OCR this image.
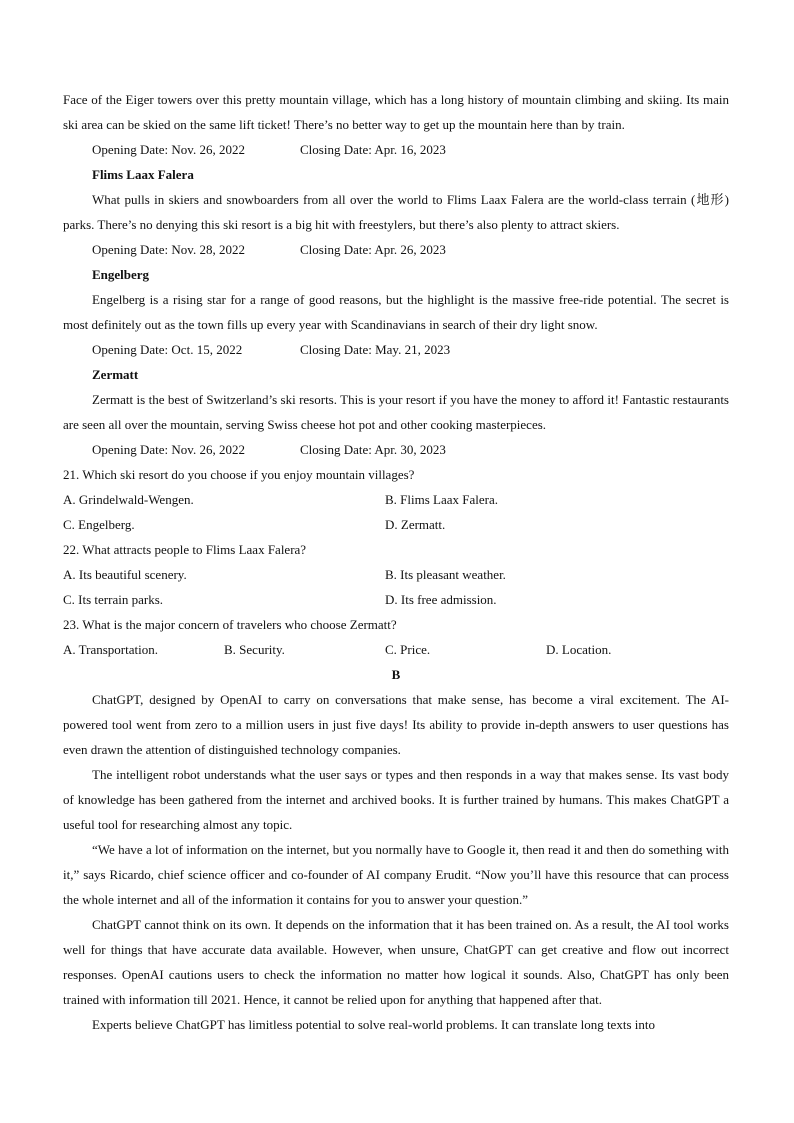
Face of the Eiger towers over this pretty mountain village, which has a long history of mountain climbing and skiing. Its main ski area can be skied on the same lift ticket! There’s no better way to get up the mountain here than by train.

Opening Date: Nov. 26, 2022	Closing Date: Apr. 16, 2023

Flims Laax Falera

What pulls in skiers and snowboarders from all over the world to Flims Laax Falera are the world-class terrain (地形) parks. There’s no denying this ski resort is a big hit with freestylers, but there’s also plenty to attract skiers.

Opening Date: Nov. 28, 2022	Closing Date: Apr. 26, 2023

Engelberg

Engelberg is a rising star for a range of good reasons, but the highlight is the massive free-ride potential. The secret is most definitely out as the town fills up every year with Scandinavians in search of their dry light snow.

Opening Date: Oct. 15, 2022	Closing Date: May. 21, 2023

Zermatt

Zermatt is the best of Switzerland’s ski resorts. This is your resort if you have the money to afford it! Fantastic restaurants are seen all over the mountain, serving Swiss cheese hot pot and other cooking masterpieces.

Opening Date: Nov. 26, 2022	Closing Date: Apr. 30, 2023

21. Which ski resort do you choose if you enjoy mountain villages?

A. Grindelwald-Wengen.	B. Flims Laax Falera.
C. Engelberg.	D. Zermatt.

22. What attracts people to Flims Laax Falera?

A. Its beautiful scenery.	B. Its pleasant weather.
C. Its terrain parks.	D. Its free admission.

23. What is the major concern of travelers who choose Zermatt?

A. Transportation.	B. Security.	C. Price.	D. Location.

B

ChatGPT, designed by OpenAI to carry on conversations that make sense, has become a viral excitement. The AI-powered tool went from zero to a million users in just five days! Its ability to provide in-depth answers to user questions has even drawn the attention of distinguished technology companies.

The intelligent robot understands what the user says or types and then responds in a way that makes sense. Its vast body of knowledge has been gathered from the internet and archived books. It is further trained by humans. This makes ChatGPT a useful tool for researching almost any topic.

“We have a lot of information on the internet, but you normally have to Google it, then read it and then do something with it,” says Ricardo, chief science officer and co-founder of AI company Erudit. “Now you’ll have this resource that can process the whole internet and all of the information it contains for you to answer your question.”

ChatGPT cannot think on its own. It depends on the information that it has been trained on. As a result, the AI tool works well for things that have accurate data available. However, when unsure, ChatGPT can get creative and flow out incorrect responses. OpenAI cautions users to check the information no matter how logical it sounds. Also, ChatGPT has only been trained with information till 2021. Hence, it cannot be relied upon for anything that happened after that.

Experts believe ChatGPT has limitless potential to solve real-world problems. It can translate long texts into
